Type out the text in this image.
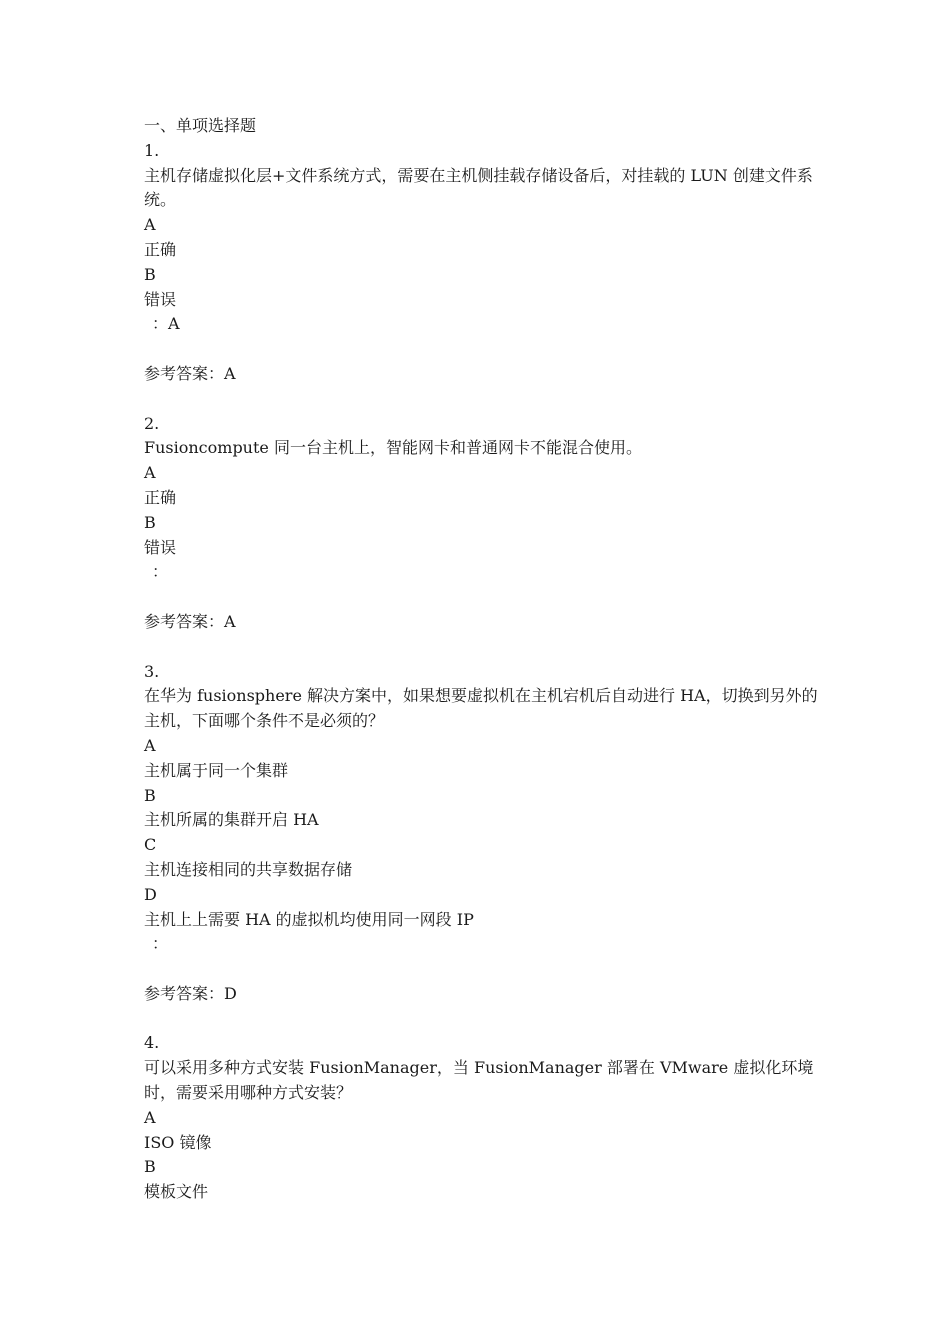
一、单项选择题

1.

主机存储虚拟化层+文件系统方式，需要在主机侧挂载存储设备后，对挂载的 LUN 创建文件系统。

A

正确

B

错误

：A

参考答案：A

2.

Fusioncompute 同一台主机上，智能网卡和普通网卡不能混合使用。

A

正确

B

错误

：

参考答案：A

3.

在华为 fusionsphere 解决方案中，如果想要虚拟机在主机宕机后自动进行 HA，切换到另外的主机，下面哪个条件不是必须的？

A

主机属于同一个集群

B

主机所属的集群开启 HA

C

主机连接相同的共享数据存储

D

主机上上需要 HA 的虚拟机均使用同一网段 IP

：

参考答案：D

4.

可以采用多种方式安装 FusionManager，当 FusionManager 部署在 VMware 虚拟化环境时，需要采用哪种方式安装？

A

ISO 镜像

B

模板文件
